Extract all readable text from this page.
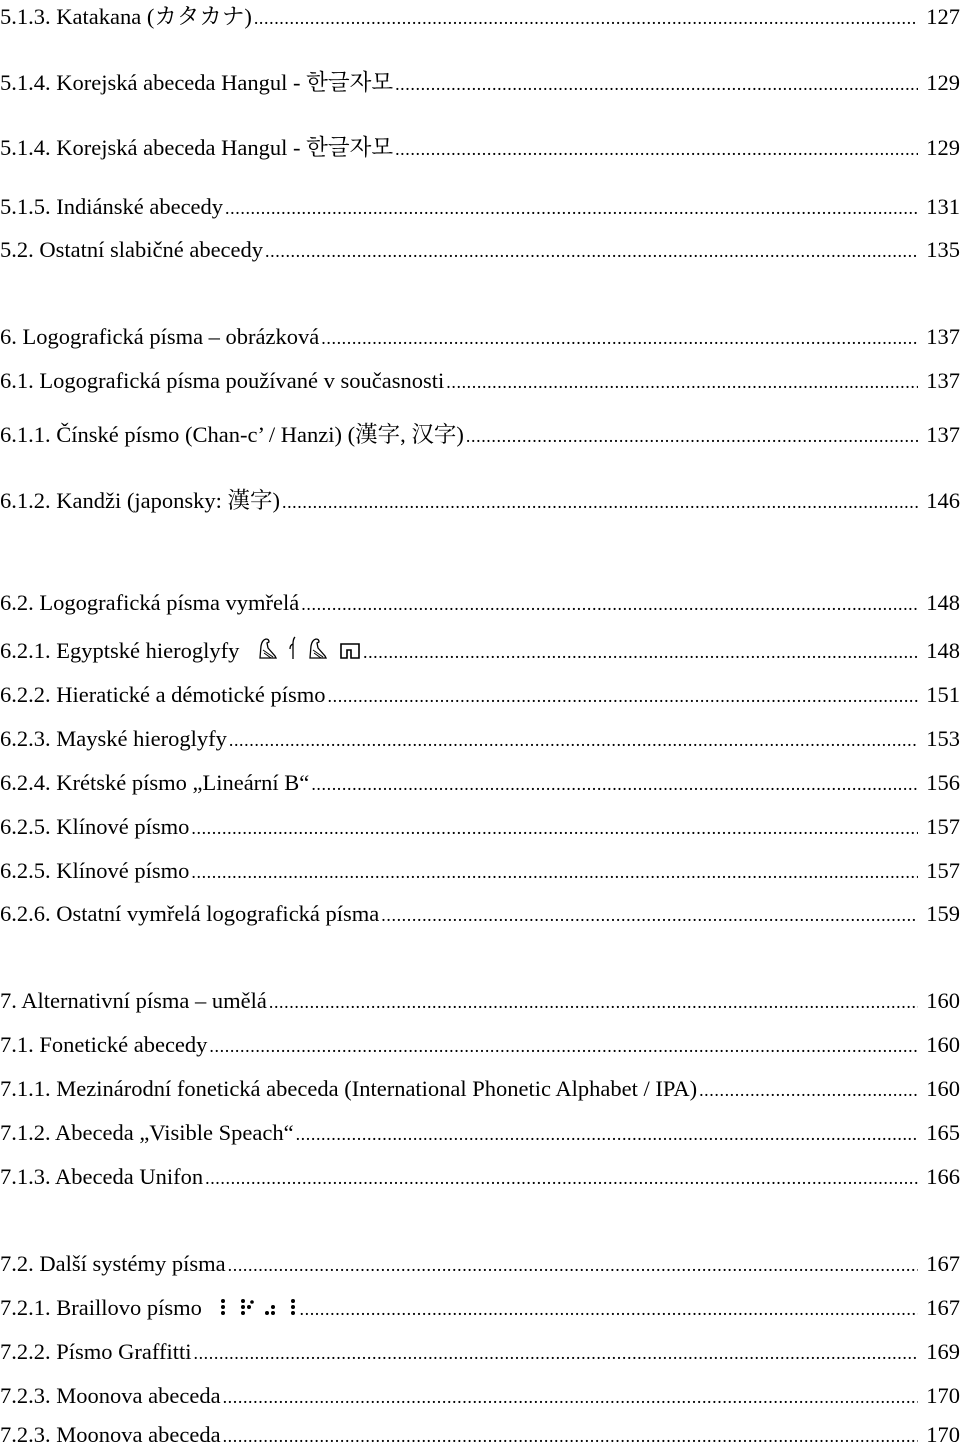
5.1.3. Katakana (カタカナ) .....	127
5.1.4. Korejská abeceda Hangul - 한글자모 .....	129
5.1.4. Korejská abeceda Hangul - 한글자모 .....	129
5.1.5. Indiánské abecedy .....	131
5.2. Ostatní slabičné abecedy .....	135
6. Logografická písma – obrázková .....	137
6.1. Logografická písma používané v současnosti .....	137
6.1.1. Čínské písmo (Chan-c’ / Hanzi) (漢字, 汉字) .....	137
6.1.2. Kandži (japonsky: 漢字) .....	146
6.2. Logografická písma vymřelá .....	148
6.2.1. Egyptské hieroglyfy .....	148
6.2.2. Hieratické a démotické písmo .....	151
6.2.3. Mayské hieroglyfy .....	153
6.2.4. Krétské písmo „Lineární B“ .....	156
6.2.5. Klínové písmo .....	157
6.2.5. Klínové písmo .....	157
6.2.6. Ostatní vymřelá logografická písma .....	159
7. Alternativní písma – umělá .....	160
7.1. Fonetické abecedy .....	160
7.1.1. Mezinárodní fonetická abeceda (International Phonetic Alphabet / IPA) .....	160
7.1.2. Abeceda „Visible Speach“ .....	165
7.1.3. Abeceda Unifon .....	166
7.2. Další systémy písma .....	167
7.2.1. Braillovo písmo .....	167
7.2.2. Písmo Graffitti .....	169
7.2.3. Moonova abeceda .....	170
7.2.3. Moonova abeceda .....	170
